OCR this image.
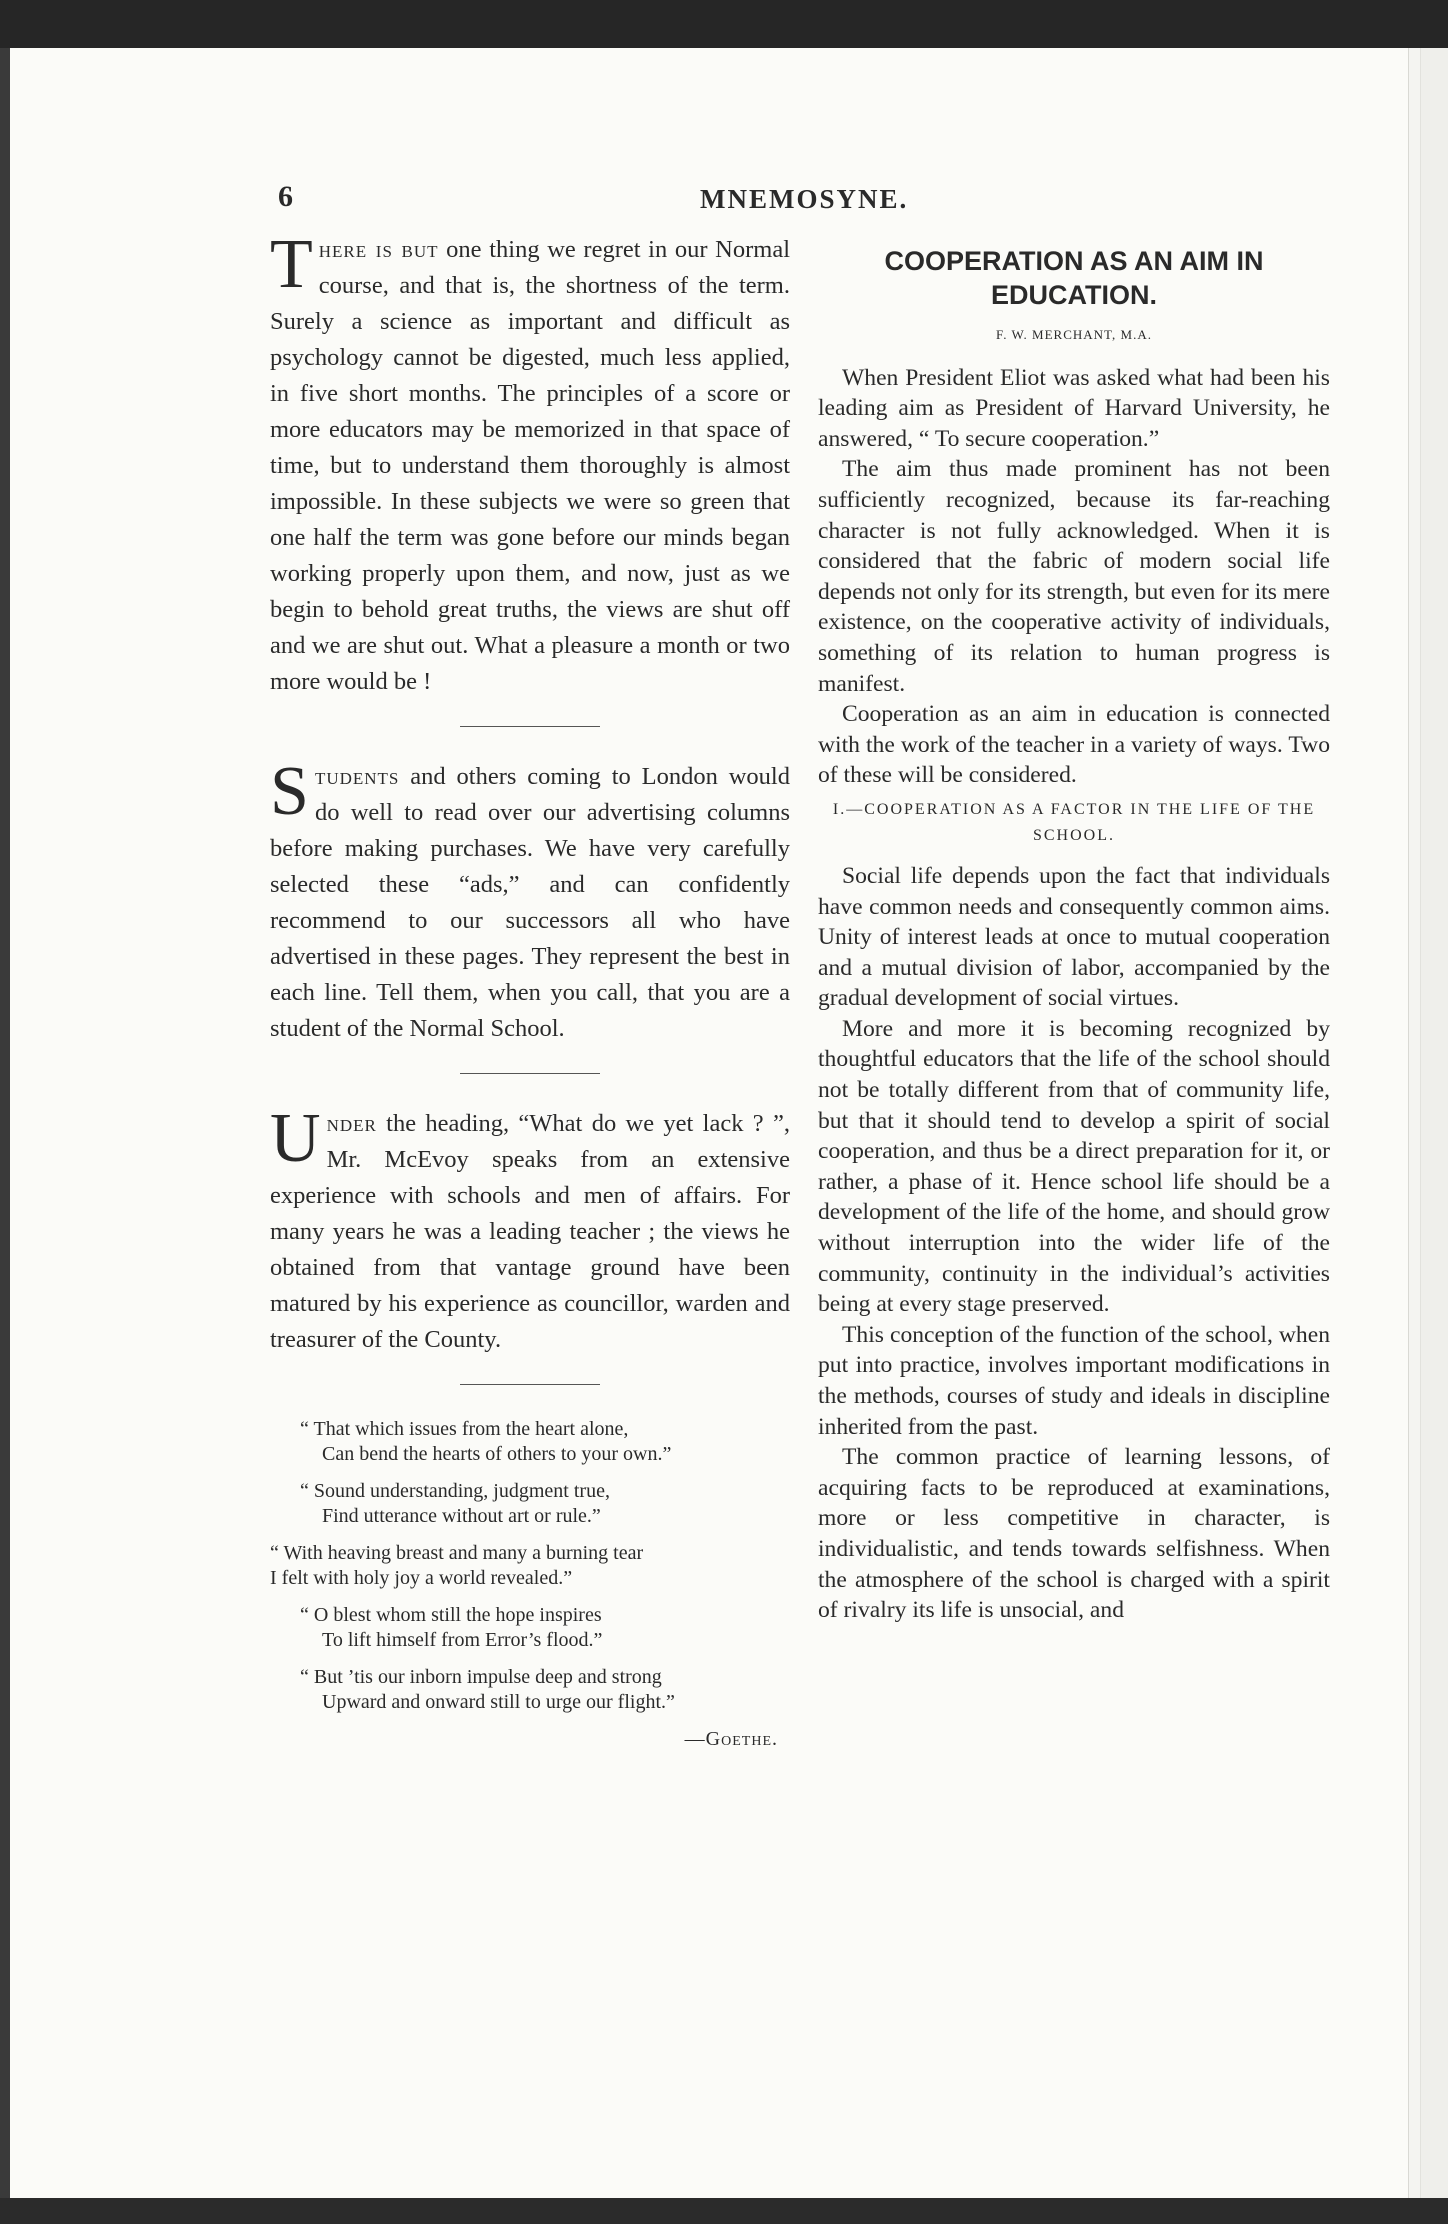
6	MNEMOSYNE.

There is but one thing we regret in our Normal course, and that is, the shortness of the term. Surely a science as important and difficult as psychology cannot be digested, much less applied, in five short months. The principles of a score or more educators may be memorized in that space of time, but to understand them thoroughly is almost impossible. In these subjects we were so green that one half the term was gone before our minds began working properly upon them, and now, just as we begin to behold great truths, the views are shut off and we are shut out. What a pleasure a month or two more would be !

Students and others coming to London would do well to read over our advertising columns before making purchases. We have very carefully selected these “ads,” and can confidently recommend to our successors all who have advertised in these pages. They represent the best in each line. Tell them, when you call, that you are a student of the Normal School.

Under the heading, “What do we yet lack ? ”, Mr. McEvoy speaks from an extensive experience with schools and men of affairs. For many years he was a leading teacher ; the views he obtained from that vantage ground have been matured by his experience as councillor, warden and treasurer of the County.

“ That which issues from the heart alone,
Can bend the hearts of others to your own.”
“ Sound understanding, judgment true,
Find utterance without art or rule.”
“ With heaving breast and many a burning tear
I felt with holy joy a world revealed.”
“ O blest whom still the hope inspires
To lift himself from Error’s flood.”
“ But ’tis our inborn impulse deep and strong
Upward and onward still to urge our flight.”
—Goethe.
COOPERATION AS AN AIM IN EDUCATION.
F. W. MERCHANT, M.A.

When President Eliot was asked what had been his leading aim as President of Harvard University, he answered, “ To secure cooperation.”

The aim thus made prominent has not been sufficiently recognized, because its far-reaching character is not fully acknowledged. When it is considered that the fabric of modern social life depends not only for its strength, but even for its mere existence, on the cooperative activity of individuals, something of its relation to human progress is manifest.

Cooperation as an aim in education is connected with the work of the teacher in a variety of ways. Two of these will be considered.

I.—COOPERATION AS A FACTOR IN THE LIFE OF THE SCHOOL.

Social life depends upon the fact that individuals have common needs and consequently common aims. Unity of interest leads at once to mutual cooperation and a mutual division of labor, accompanied by the gradual development of social virtues.

More and more it is becoming recognized by thoughtful educators that the life of the school should not be totally different from that of community life, but that it should tend to develop a spirit of social cooperation, and thus be a direct preparation for it, or rather, a phase of it. Hence school life should be a development of the life of the home, and should grow without interruption into the wider life of the community, continuity in the individual’s activities being at every stage preserved.

This conception of the function of the school, when put into practice, involves important modifications in the methods, courses of study and ideals in discipline inherited from the past.

The common practice of learning lessons, of acquiring facts to be reproduced at examinations, more or less competitive in character, is individualistic, and tends towards selfishness. When the atmosphere of the school is charged with a spirit of rivalry its life is unsocial, and
